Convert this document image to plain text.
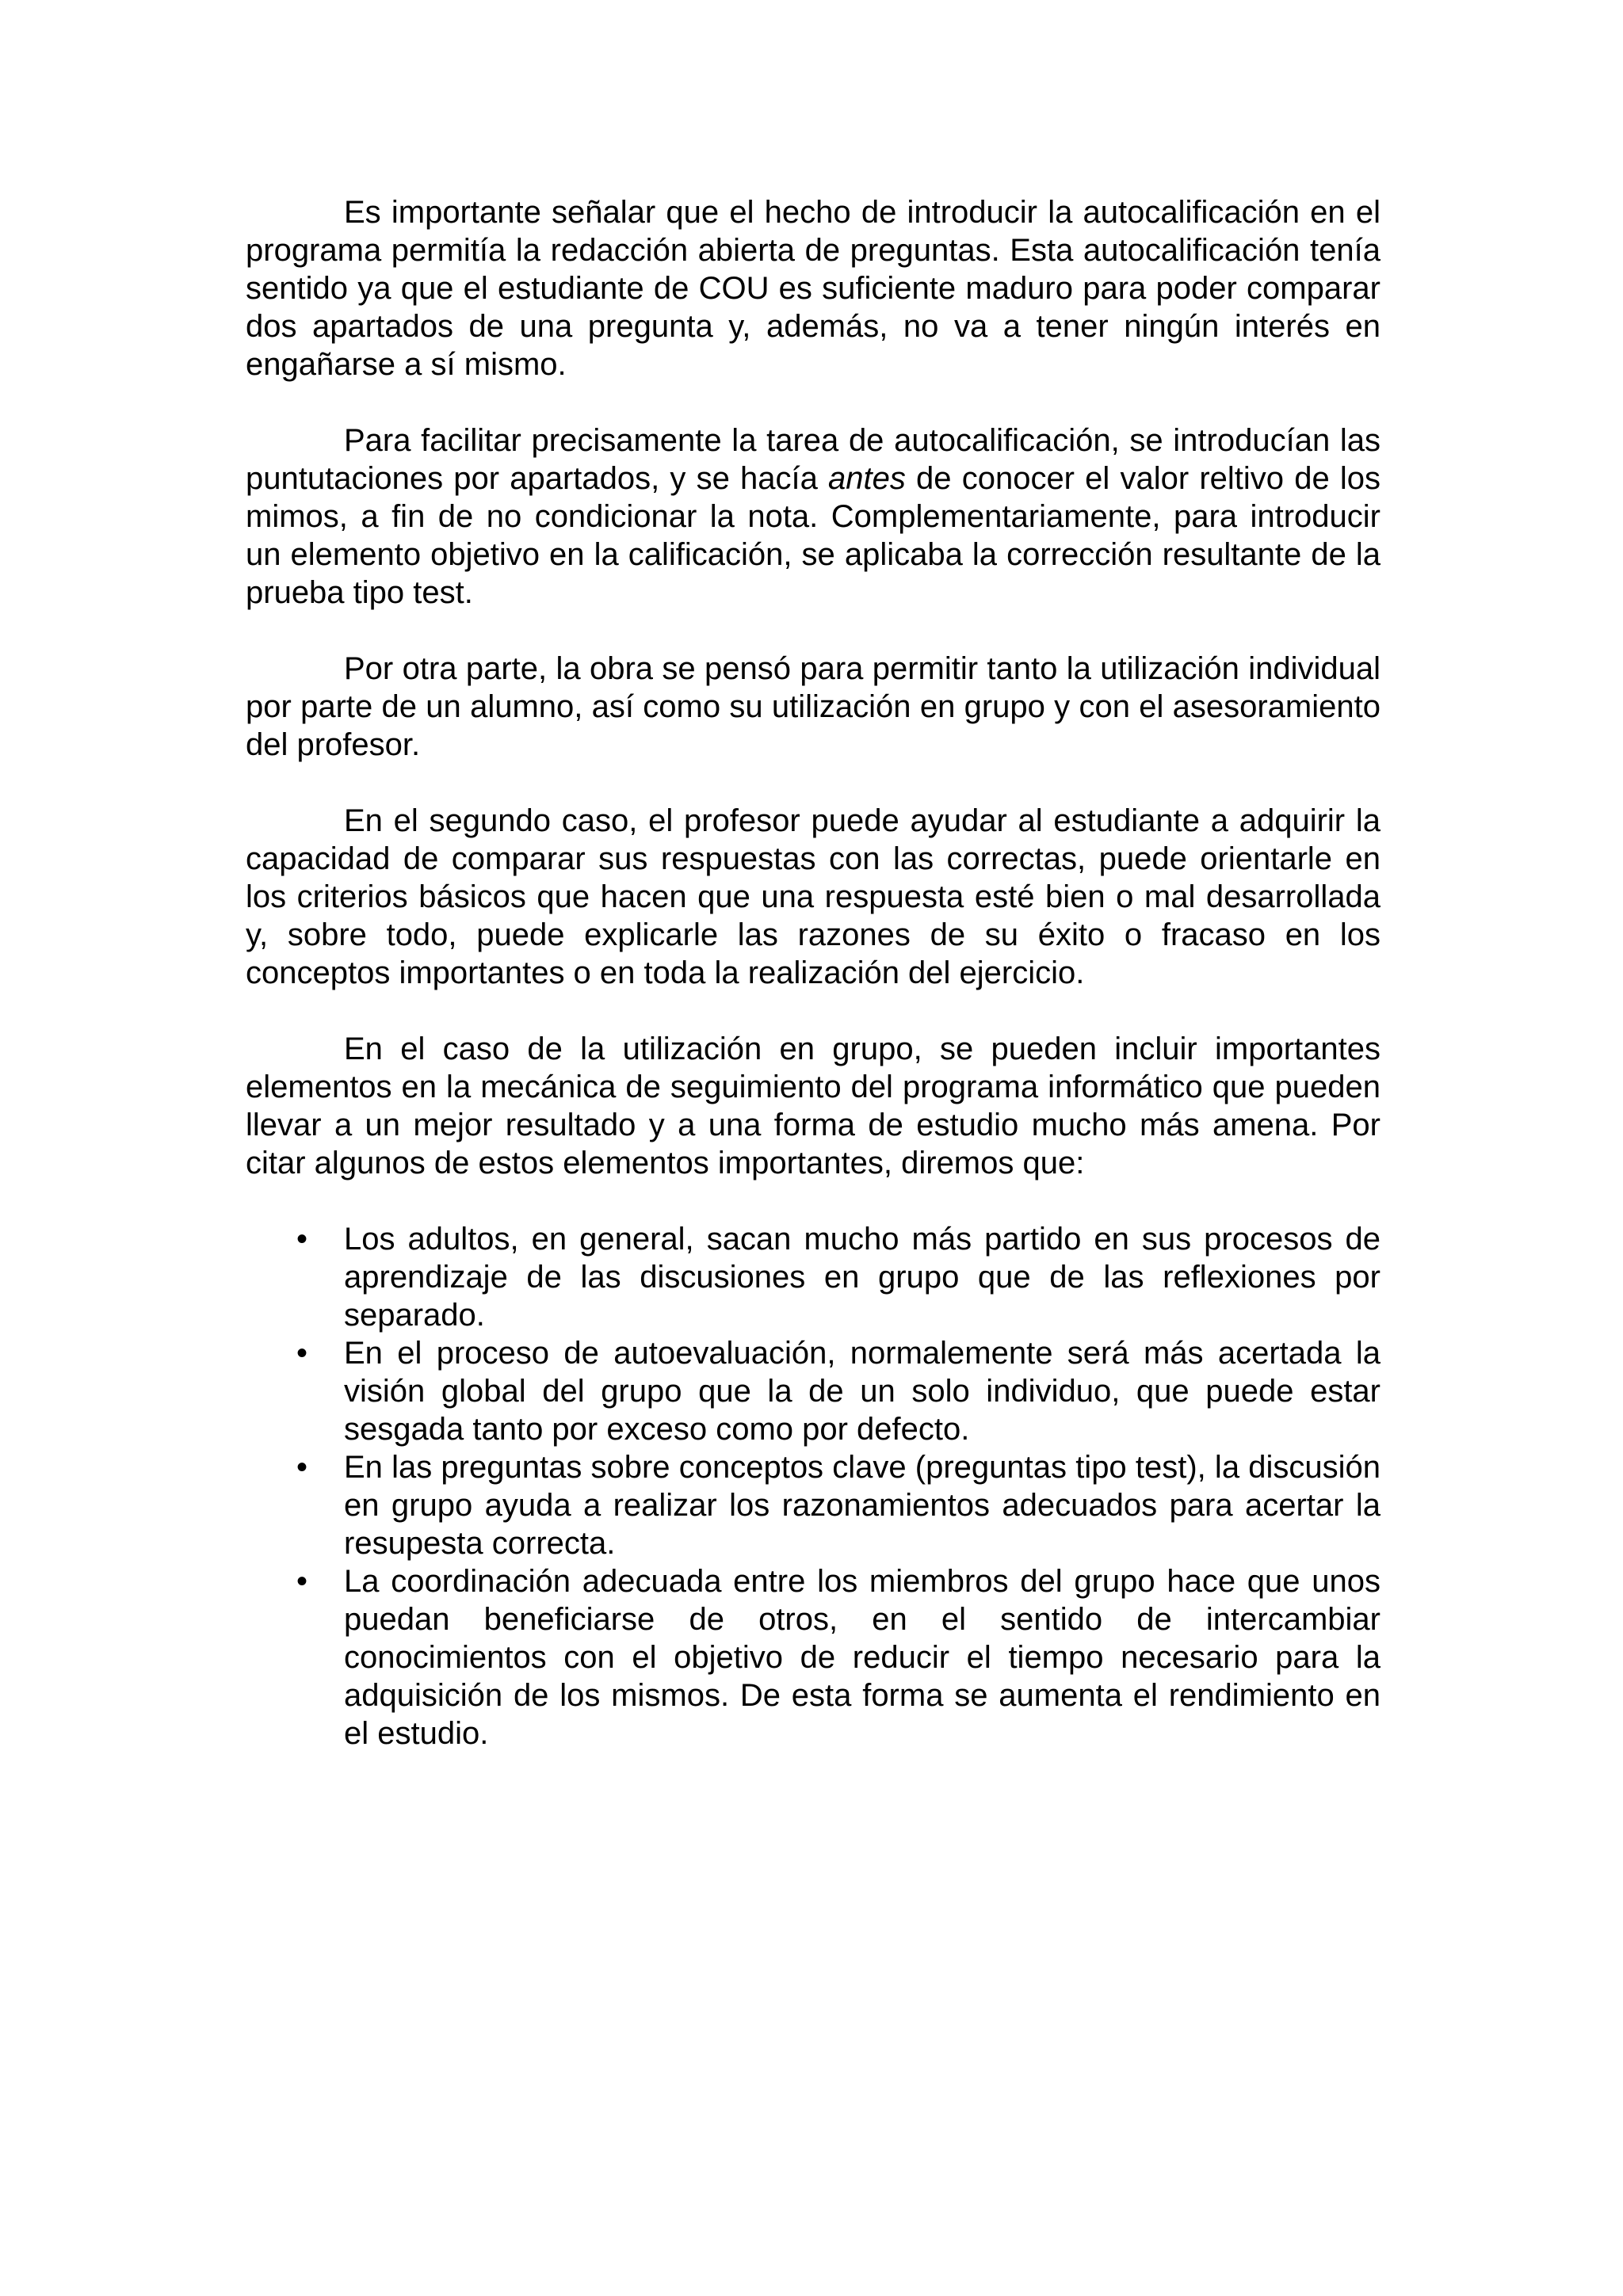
Es importante señalar que el hecho de introducir la autocalificación en el programa permitía la redacción abierta de preguntas. Esta autocalificación tenía sentido ya que el estudiante de COU es suficiente maduro para poder comparar dos apartados de una pregunta y, además, no va a tener ningún interés en engañarse a sí mismo.

Para facilitar precisamente la tarea de autocalificación, se introducían las puntutaciones por apartados, y se hacía antes de conocer el valor reltivo de los mimos, a fin de no condicionar la nota. Complementariamente, para introducir un elemento objetivo en la calificación, se aplicaba la corrección resultante de la prueba tipo test.

Por otra parte, la obra se pensó para permitir tanto la utilización individual por parte de un alumno, así como su utilización en grupo y con el asesoramiento del profesor.

En el segundo caso, el profesor puede ayudar al estudiante a adquirir la capacidad de comparar sus respuestas con las correctas, puede orientarle en los criterios básicos que hacen que una respuesta esté bien o mal desarrollada y, sobre todo, puede explicarle las razones de su éxito o fracaso en los conceptos importantes o en toda la realización del ejercicio.

En el caso de la utilización en grupo, se pueden incluir importantes elementos en la mecánica de seguimiento del programa informático que pueden llevar a un mejor resultado y a una forma de estudio mucho más amena. Por citar algunos de estos elementos importantes, diremos que:

•	Los adultos, en general, sacan mucho más partido en sus procesos de aprendizaje de las discusiones en grupo que de las reflexiones por separado.
•	En el proceso de autoevaluación, normalemente será más acertada la visión global del grupo que la de un solo individuo, que puede estar sesgada tanto por exceso como por defecto.
•	En las preguntas sobre conceptos clave (preguntas tipo test), la discusión en grupo ayuda a realizar los razonamientos adecuados para acertar la resupesta correcta.
•	La coordinación adecuada entre los miembros del grupo hace que unos puedan beneficiarse de otros, en el sentido de intercambiar conocimientos con el objetivo de reducir el tiempo necesario para la adquisición de los mismos. De esta forma se aumenta el rendimiento en el estudio.
